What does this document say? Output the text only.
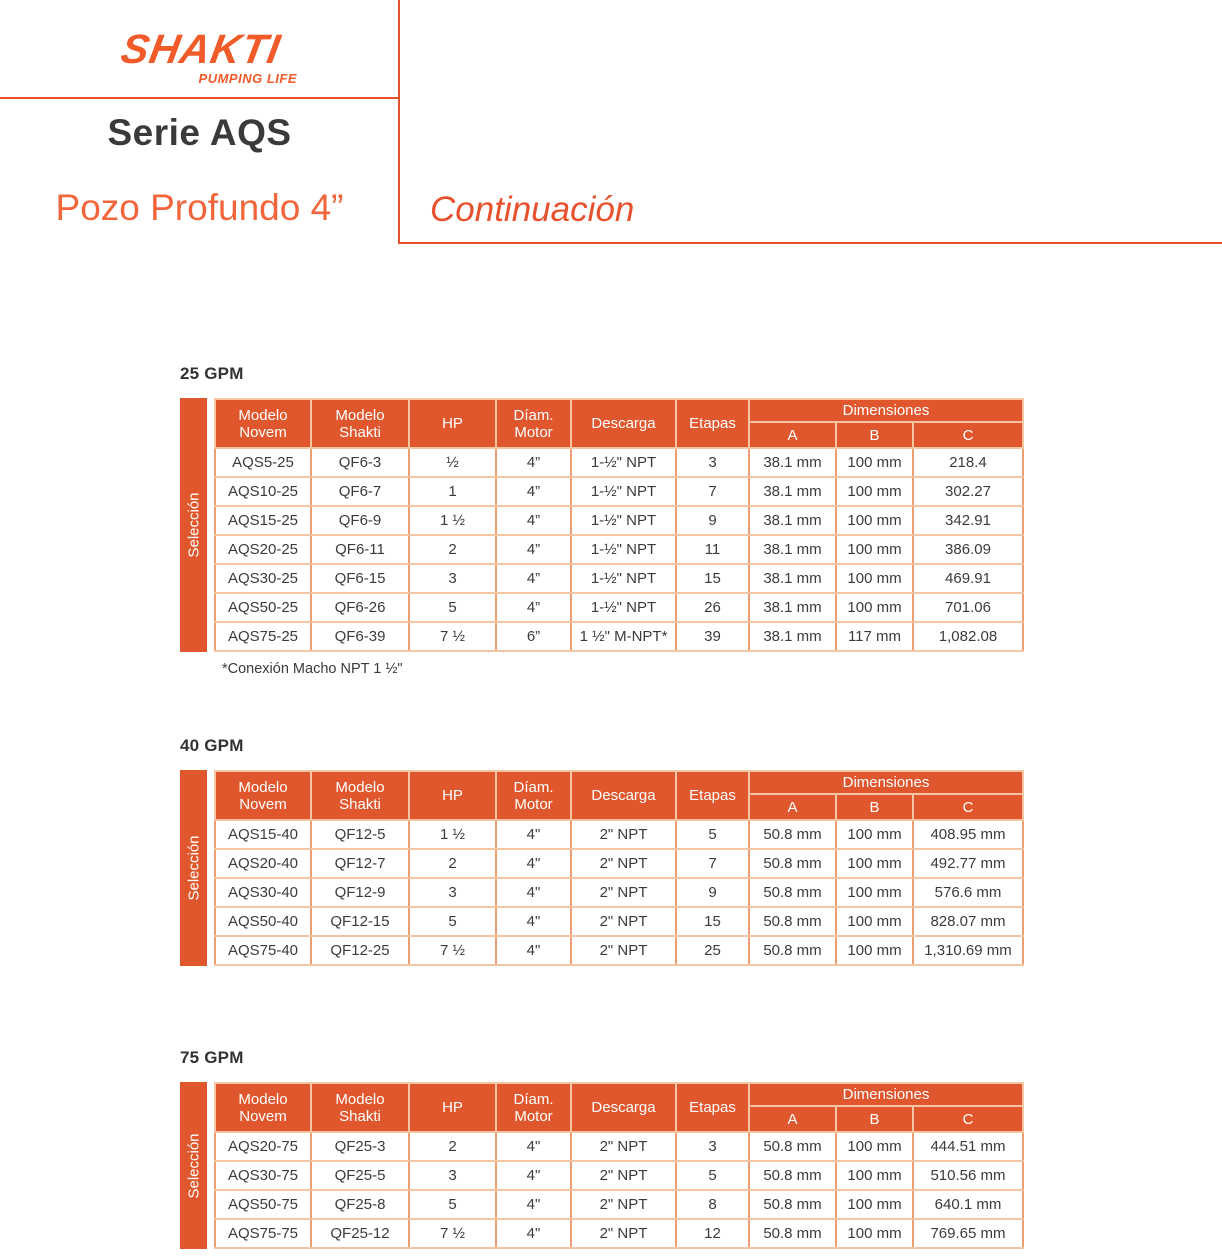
SHAKTI
PUMPING LIFE
Serie AQS
Pozo Profundo 4”	Continuación
25 GPM
Selección
Modelo Novem	Modelo Shakti	HP	Díam. Motor	Descarga	Etapas	Dimensiones		
						A	B	C
AQS5-25	QF6-3	½	4”	1-½" NPT	3	38.1 mm	100 mm	218.4
AQS10-25	QF6-7	1	4”	1-½" NPT	7	38.1 mm	100 mm	302.27
AQS15-25	QF6-9	1 ½	4”	1-½" NPT	9	38.1 mm	100 mm	342.91
AQS20-25	QF6-11	2	4”	1-½" NPT	11	38.1 mm	100 mm	386.09
AQS30-25	QF6-15	3	4”	1-½" NPT	15	38.1 mm	100 mm	469.91
AQS50-25	QF6-26	5	4”	1-½" NPT	26	38.1 mm	100 mm	701.06
AQS75-25	QF6-39	7 ½	6”	1 ½" M-NPT*	39	38.1 mm	117 mm	1,082.08
*Conexión Macho NPT 1 ½"
40 GPM
Selección
Modelo Novem	Modelo Shakti	HP	Díam. Motor	Descarga	Etapas	Dimensiones		
						A	B	C
AQS15-40	QF12-5	1 ½	4"	2" NPT	5	50.8 mm	100 mm	408.95 mm
AQS20-40	QF12-7	2	4"	2" NPT	7	50.8 mm	100 mm	492.77 mm
AQS30-40	QF12-9	3	4"	2" NPT	9	50.8 mm	100 mm	576.6 mm
AQS50-40	QF12-15	5	4"	2" NPT	15	50.8 mm	100 mm	828.07 mm
AQS75-40	QF12-25	7 ½	4"	2" NPT	25	50.8 mm	100 mm	1,310.69 mm
75 GPM
Selección
Modelo Novem	Modelo Shakti	HP	Díam. Motor	Descarga	Etapas	Dimensiones		
						A	B	C
AQS20-75	QF25-3	2	4"	2" NPT	3	50.8 mm	100 mm	444.51 mm
AQS30-75	QF25-5	3	4"	2" NPT	5	50.8 mm	100 mm	510.56 mm
AQS50-75	QF25-8	5	4"	2" NPT	8	50.8 mm	100 mm	640.1 mm
AQS75-75	QF25-12	7 ½	4"	2" NPT	12	50.8 mm	100 mm	769.65 mm
